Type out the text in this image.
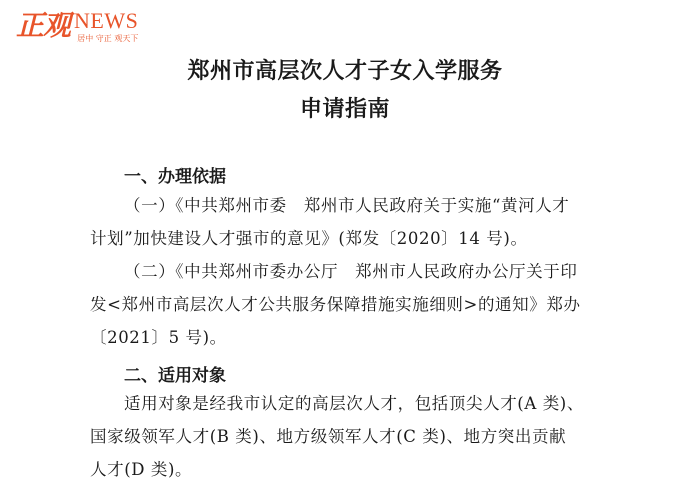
正观 NEWS
居中 守正 观天下
郑州市高层次人才子女入学服务
申请指南
一、办理依据

（一）《中共郑州市委　郑州市人民政府关于实施“黄河人才

计划”加快建设人才强市的意见》(郑发〔2020〕14 号)。

（二）《中共郑州市委办公厅　郑州市人民政府办公厅关于印

发<郑州市高层次人才公共服务保障措施实施细则>的通知》郑办

〔2021〕5 号)。

二、适用对象

适用对象是经我市认定的高层次人才，包括顶尖人才(A 类)、

国家级领军人才(B 类)、地方级领军人才(C 类)、地方突出贡献

人才(D 类)。
